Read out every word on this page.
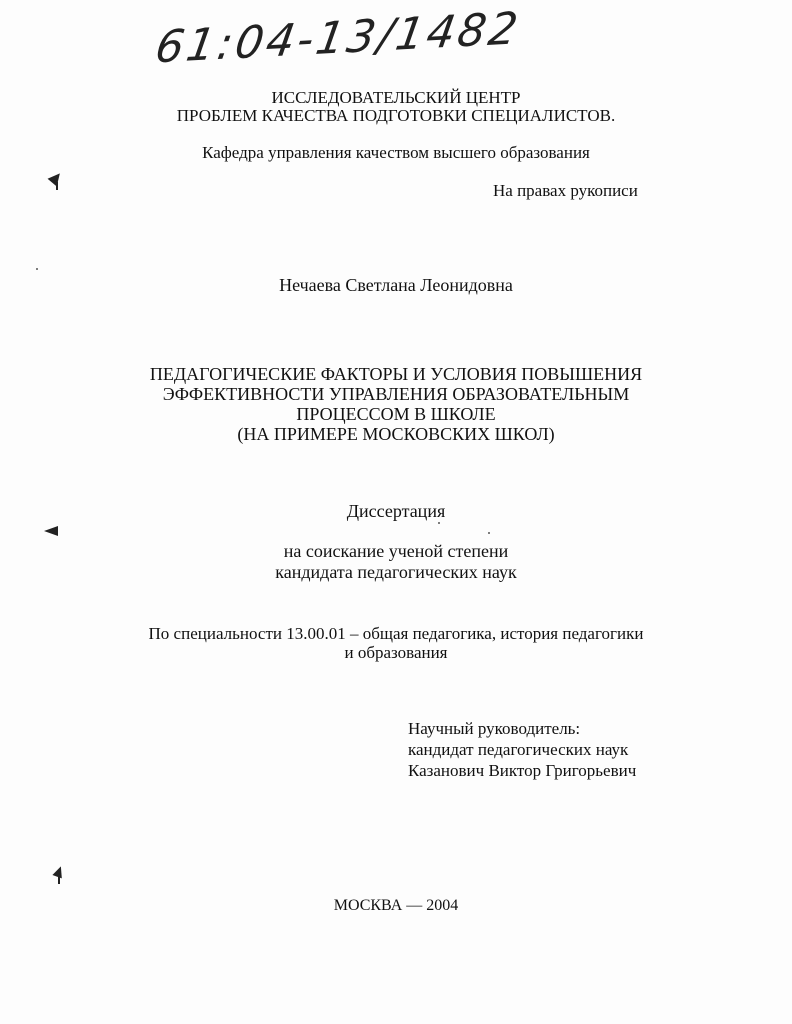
61:04-13/1482
ИССЛЕДОВАТЕЛЬСКИЙ ЦЕНТР
ПРОБЛЕМ КАЧЕСТВА ПОДГОТОВКИ СПЕЦИАЛИСТОВ.
Кафедра управления качеством высшего образования
На правах рукописи
Нечаева Светлана Леонидовна
ПЕДАГОГИЧЕСКИЕ ФАКТОРЫ И УСЛОВИЯ ПОВЫШЕНИЯ
ЭФФЕКТИВНОСТИ УПРАВЛЕНИЯ ОБРАЗОВАТЕЛЬНЫМ
ПРОЦЕССОМ В ШКОЛЕ
(НА ПРИМЕРЕ МОСКОВСКИХ ШКОЛ)
Диссертация
на соискание ученой степени
кандидата педагогических наук
По специальности 13.00.01 – общая педагогика, история педагогики
и образования
Научный руководитель:
кандидат педагогических наук
Казанович Виктор Григорьевич
МОСКВА — 2004
